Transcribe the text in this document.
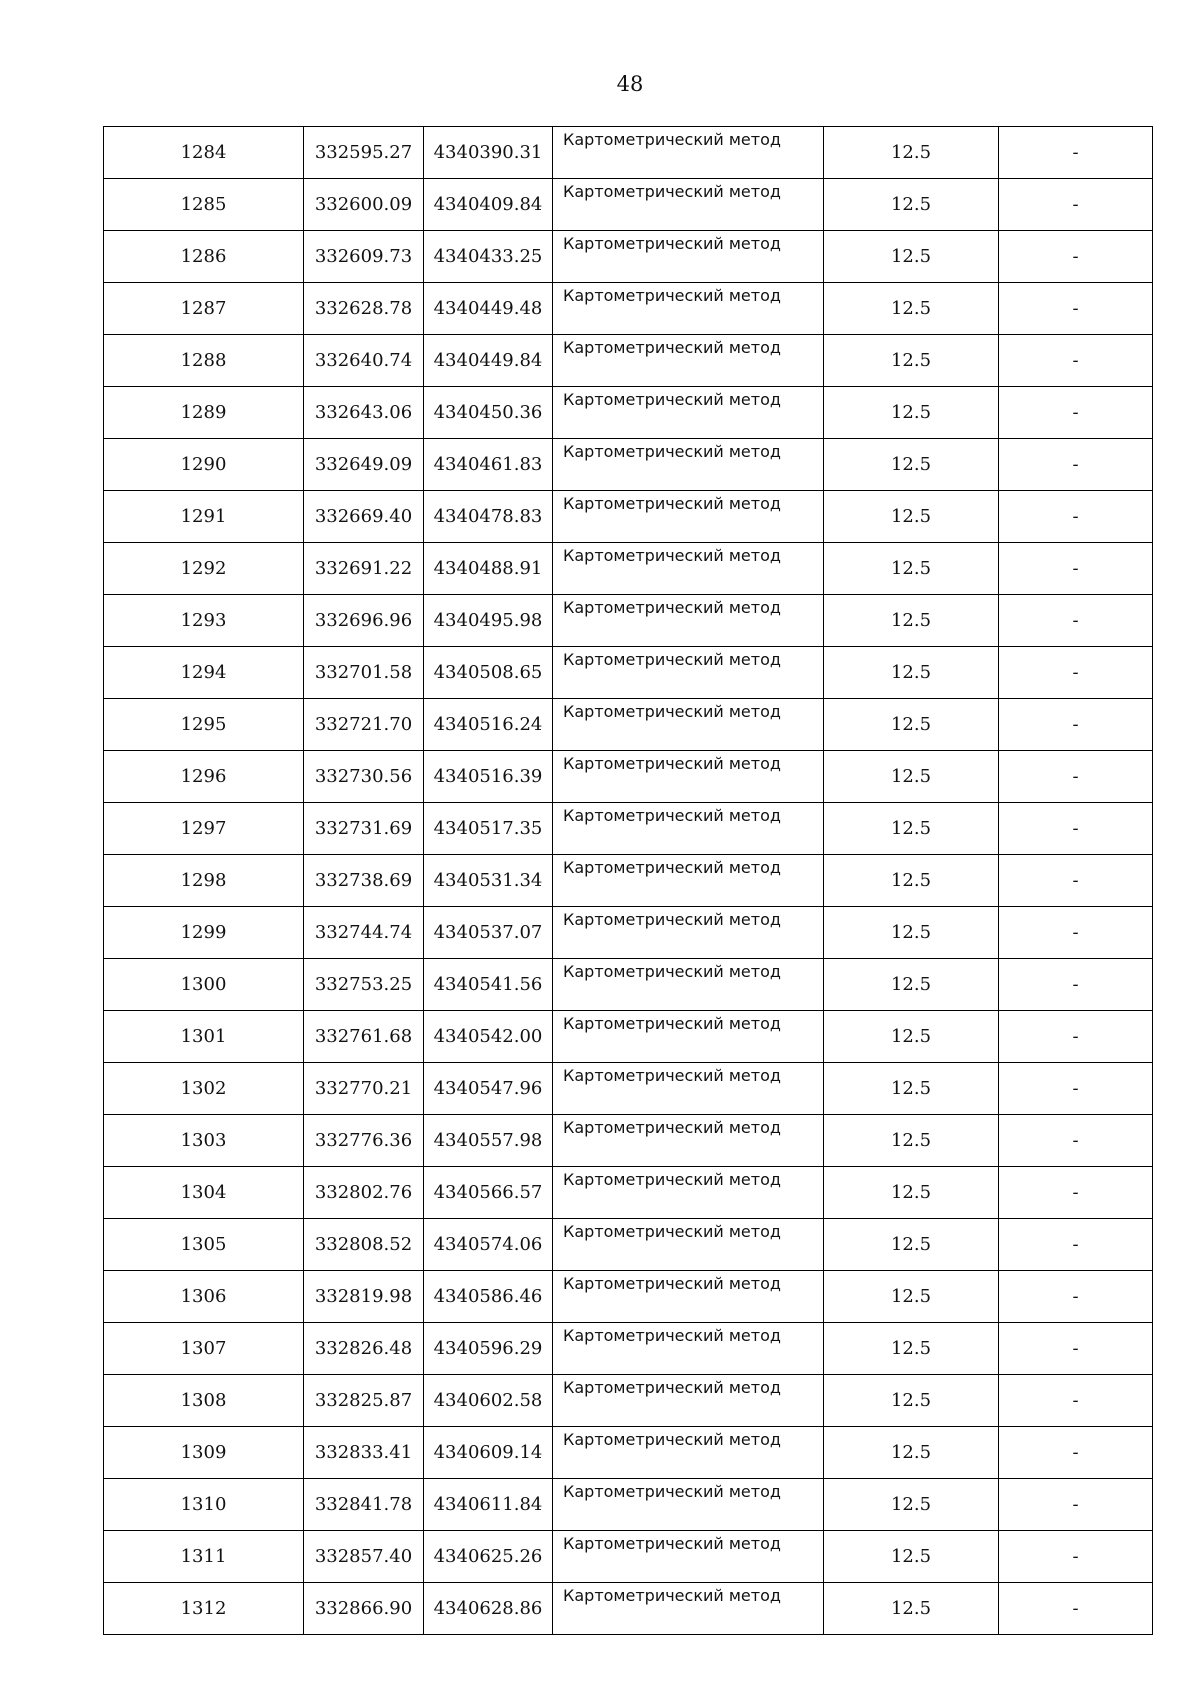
48
1284	332595.27	4340390.31	Картометрический метод	12.5	-
1285	332600.09	4340409.84	Картометрический метод	12.5	-
1286	332609.73	4340433.25	Картометрический метод	12.5	-
1287	332628.78	4340449.48	Картометрический метод	12.5	-
1288	332640.74	4340449.84	Картометрический метод	12.5	-
1289	332643.06	4340450.36	Картометрический метод	12.5	-
1290	332649.09	4340461.83	Картометрический метод	12.5	-
1291	332669.40	4340478.83	Картометрический метод	12.5	-
1292	332691.22	4340488.91	Картометрический метод	12.5	-
1293	332696.96	4340495.98	Картометрический метод	12.5	-
1294	332701.58	4340508.65	Картометрический метод	12.5	-
1295	332721.70	4340516.24	Картометрический метод	12.5	-
1296	332730.56	4340516.39	Картометрический метод	12.5	-
1297	332731.69	4340517.35	Картометрический метод	12.5	-
1298	332738.69	4340531.34	Картометрический метод	12.5	-
1299	332744.74	4340537.07	Картометрический метод	12.5	-
1300	332753.25	4340541.56	Картометрический метод	12.5	-
1301	332761.68	4340542.00	Картометрический метод	12.5	-
1302	332770.21	4340547.96	Картометрический метод	12.5	-
1303	332776.36	4340557.98	Картометрический метод	12.5	-
1304	332802.76	4340566.57	Картометрический метод	12.5	-
1305	332808.52	4340574.06	Картометрический метод	12.5	-
1306	332819.98	4340586.46	Картометрический метод	12.5	-
1307	332826.48	4340596.29	Картометрический метод	12.5	-
1308	332825.87	4340602.58	Картометрический метод	12.5	-
1309	332833.41	4340609.14	Картометрический метод	12.5	-
1310	332841.78	4340611.84	Картометрический метод	12.5	-
1311	332857.40	4340625.26	Картометрический метод	12.5	-
1312	332866.90	4340628.86	Картометрический метод	12.5	-
